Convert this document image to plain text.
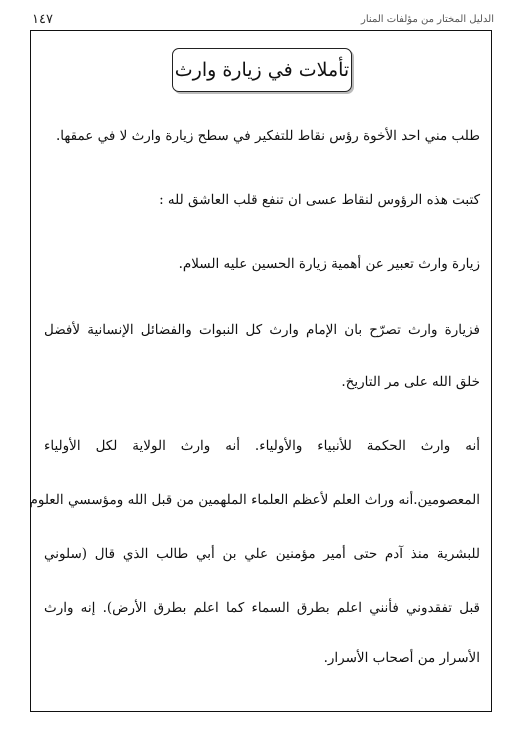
١٤٧	الدليل المختار من مؤلفات المنار
تأملات في زيارة وارث

طلب مني احد الأخوة رؤس نقاط للتفكير في سطح زيارة وارث لا في عمقها.

كتبت هذه الرؤوس لنقاط عسى ان تنفع قلب العاشق لله :

زيارة وارث تعبير عن أهمية زيارة الحسين عليه السلام.

فزيارة وارث تصرّح بان الإمام وارث كل النبوات والفضائل الإنسانية لأفضل

خلق الله على مر التاريخ.

أنه وارث الحكمة للأنبياء والأولياء. أنه وارث الولاية لكل الأولياء

المعصومين.أنه وراث العلم لأعظم العلماء الملهمين من قبل الله ومؤسسي العلوم

للبشرية منذ آدم حتى أمير مؤمنين علي بن أبي طالب الذي قال (سلوني

قبل تفقدوني فأنني اعلم بطرق السماء كما اعلم بطرق الأرض). إنه وارث

الأسرار من أصحاب الأسرار.
